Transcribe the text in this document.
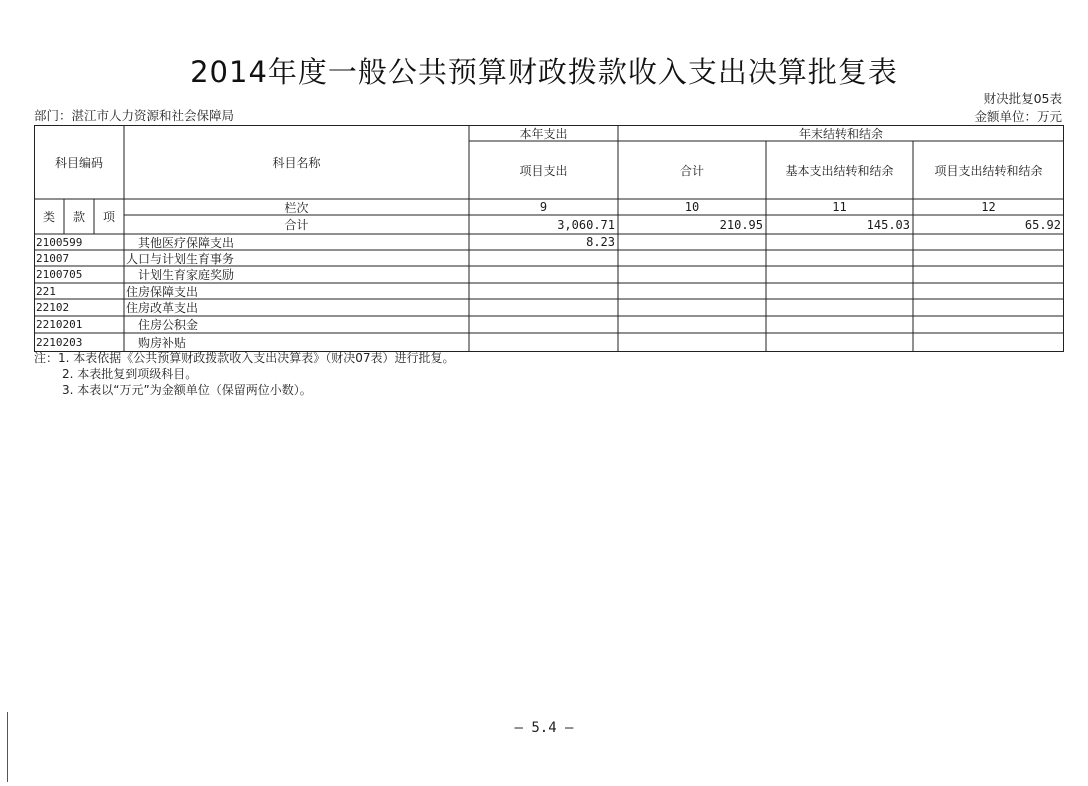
2014年度一般公共预算财政拨款收入支出决算批复表
财决批复05表
金额单位：万元
部门：湛江市人力资源和社会保障局
科目编码	科目名称
本年支出	年末结转和结余
项目支出	合计	基本支出结转和结余	项目支出结转和结余
类	款	项
栏次	9	10	11	12
合计	3,060.71	210.95	145.03	65.92
2100599	其他医疗保障支出	8.23
21007	人口与计划生育事务
2100705	计划生育家庭奖励
221	住房保障支出
22102	住房改革支出
2210201	住房公积金
2210203	购房补贴
注：1. 本表依据《公共预算财政拨款收入支出决算表》（财决07表）进行批复。
2. 本表批复到项级科目。
3. 本表以“万元”为金额单位（保留两位小数）。
— 5.4 —
